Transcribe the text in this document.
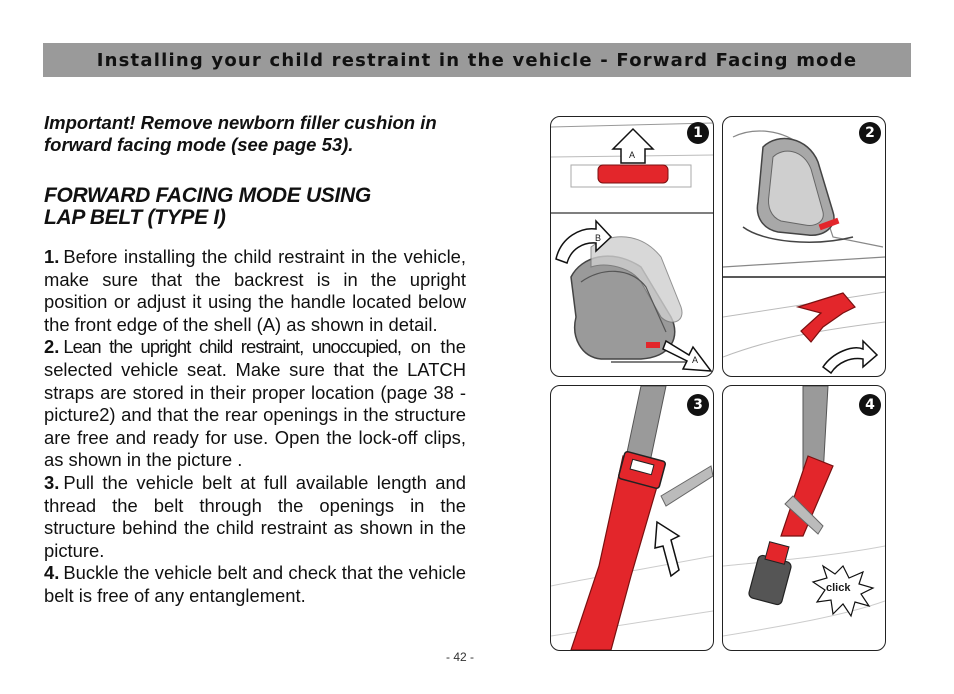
Installing your child restraint in the vehicle - Forward Facing mode
Important! Remove newborn filler cushion in forward facing mode (see page 53).
FORWARD FACING MODE USING
LAP BELT (TYPE I)

1. Before installing the child restraint in the vehicle, make sure that the backrest is in the upright position or adjust it using the handle located below the front edge of the shell (A) as shown in detail.

2. Lean the upright child restraint, unoccupied, on the selected vehicle seat. Make sure that the LATCH straps are stored in their proper location (page 38 - picture2) and that the rear openings in the structure are free and ready for use. Open the lock-off clips, as shown in the picture .

3. Pull the vehicle belt at full available length and thread the belt through the openings in the structure behind the child restraint as shown in the picture.

4. Buckle the vehicle belt and check that the vehicle belt is free of any entanglement.

- 42 -
1
A
B
A
2
3	4
click
